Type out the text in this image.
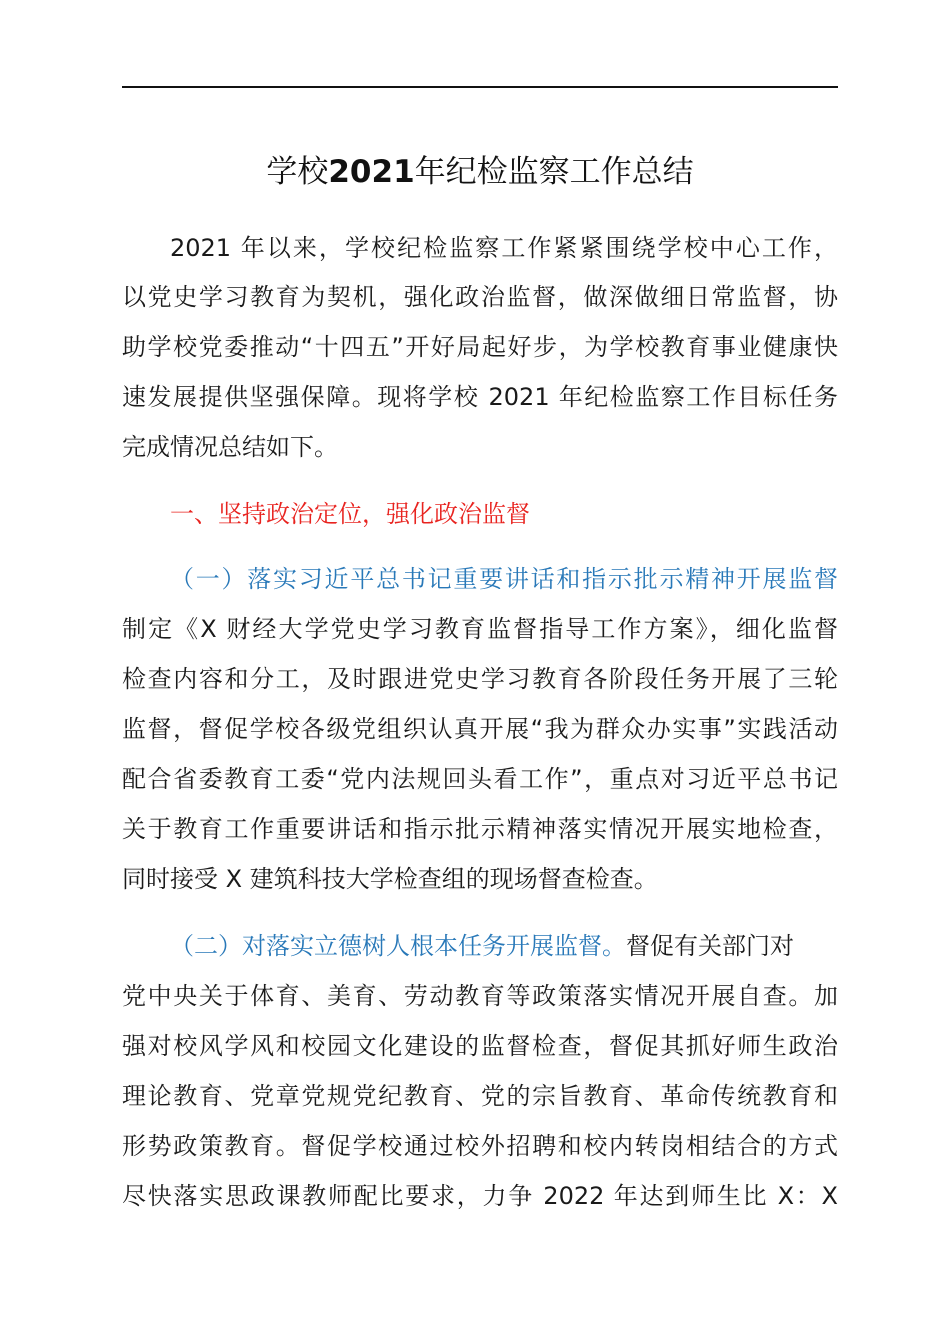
学校2021年纪检监察工作总结
2021 年以来，学校纪检监察工作紧紧围绕学校中心工作，
以党史学习教育为契机，强化政治监督，做深做细日常监督，协
助学校党委推动“十四五”开好局起好步，为学校教育事业健康快
速发展提供坚强保障。现将学校 2021 年纪检监察工作目标任务
完成情况总结如下。
一、坚持政治定位，强化政治监督
（一）落实习近平总书记重要讲话和指示批示精神开展监督
制定《X 财经大学党史学习教育监督指导工作方案》，细化监督
检查内容和分工，及时跟进党史学习教育各阶段任务开展了三轮
监督，督促学校各级党组织认真开展“我为群众办实事”实践活动
配合省委教育工委“党内法规回头看工作”，重点对习近平总书记
关于教育工作重要讲话和指示批示精神落实情况开展实地检查，
同时接受 X 建筑科技大学检查组的现场督查检查。
（二）对落实立德树人根本任务开展监督。督促有关部门对
党中央关于体育、美育、劳动教育等政策落实情况开展自查。加
强对校风学风和校园文化建设的监督检查，督促其抓好师生政治
理论教育、党章党规党纪教育、党的宗旨教育、革命传统教育和
形势政策教育。督促学校通过校外招聘和校内转岗相结合的方式
尽快落实思政课教师配比要求，力争 2022 年达到师生比 X：X
